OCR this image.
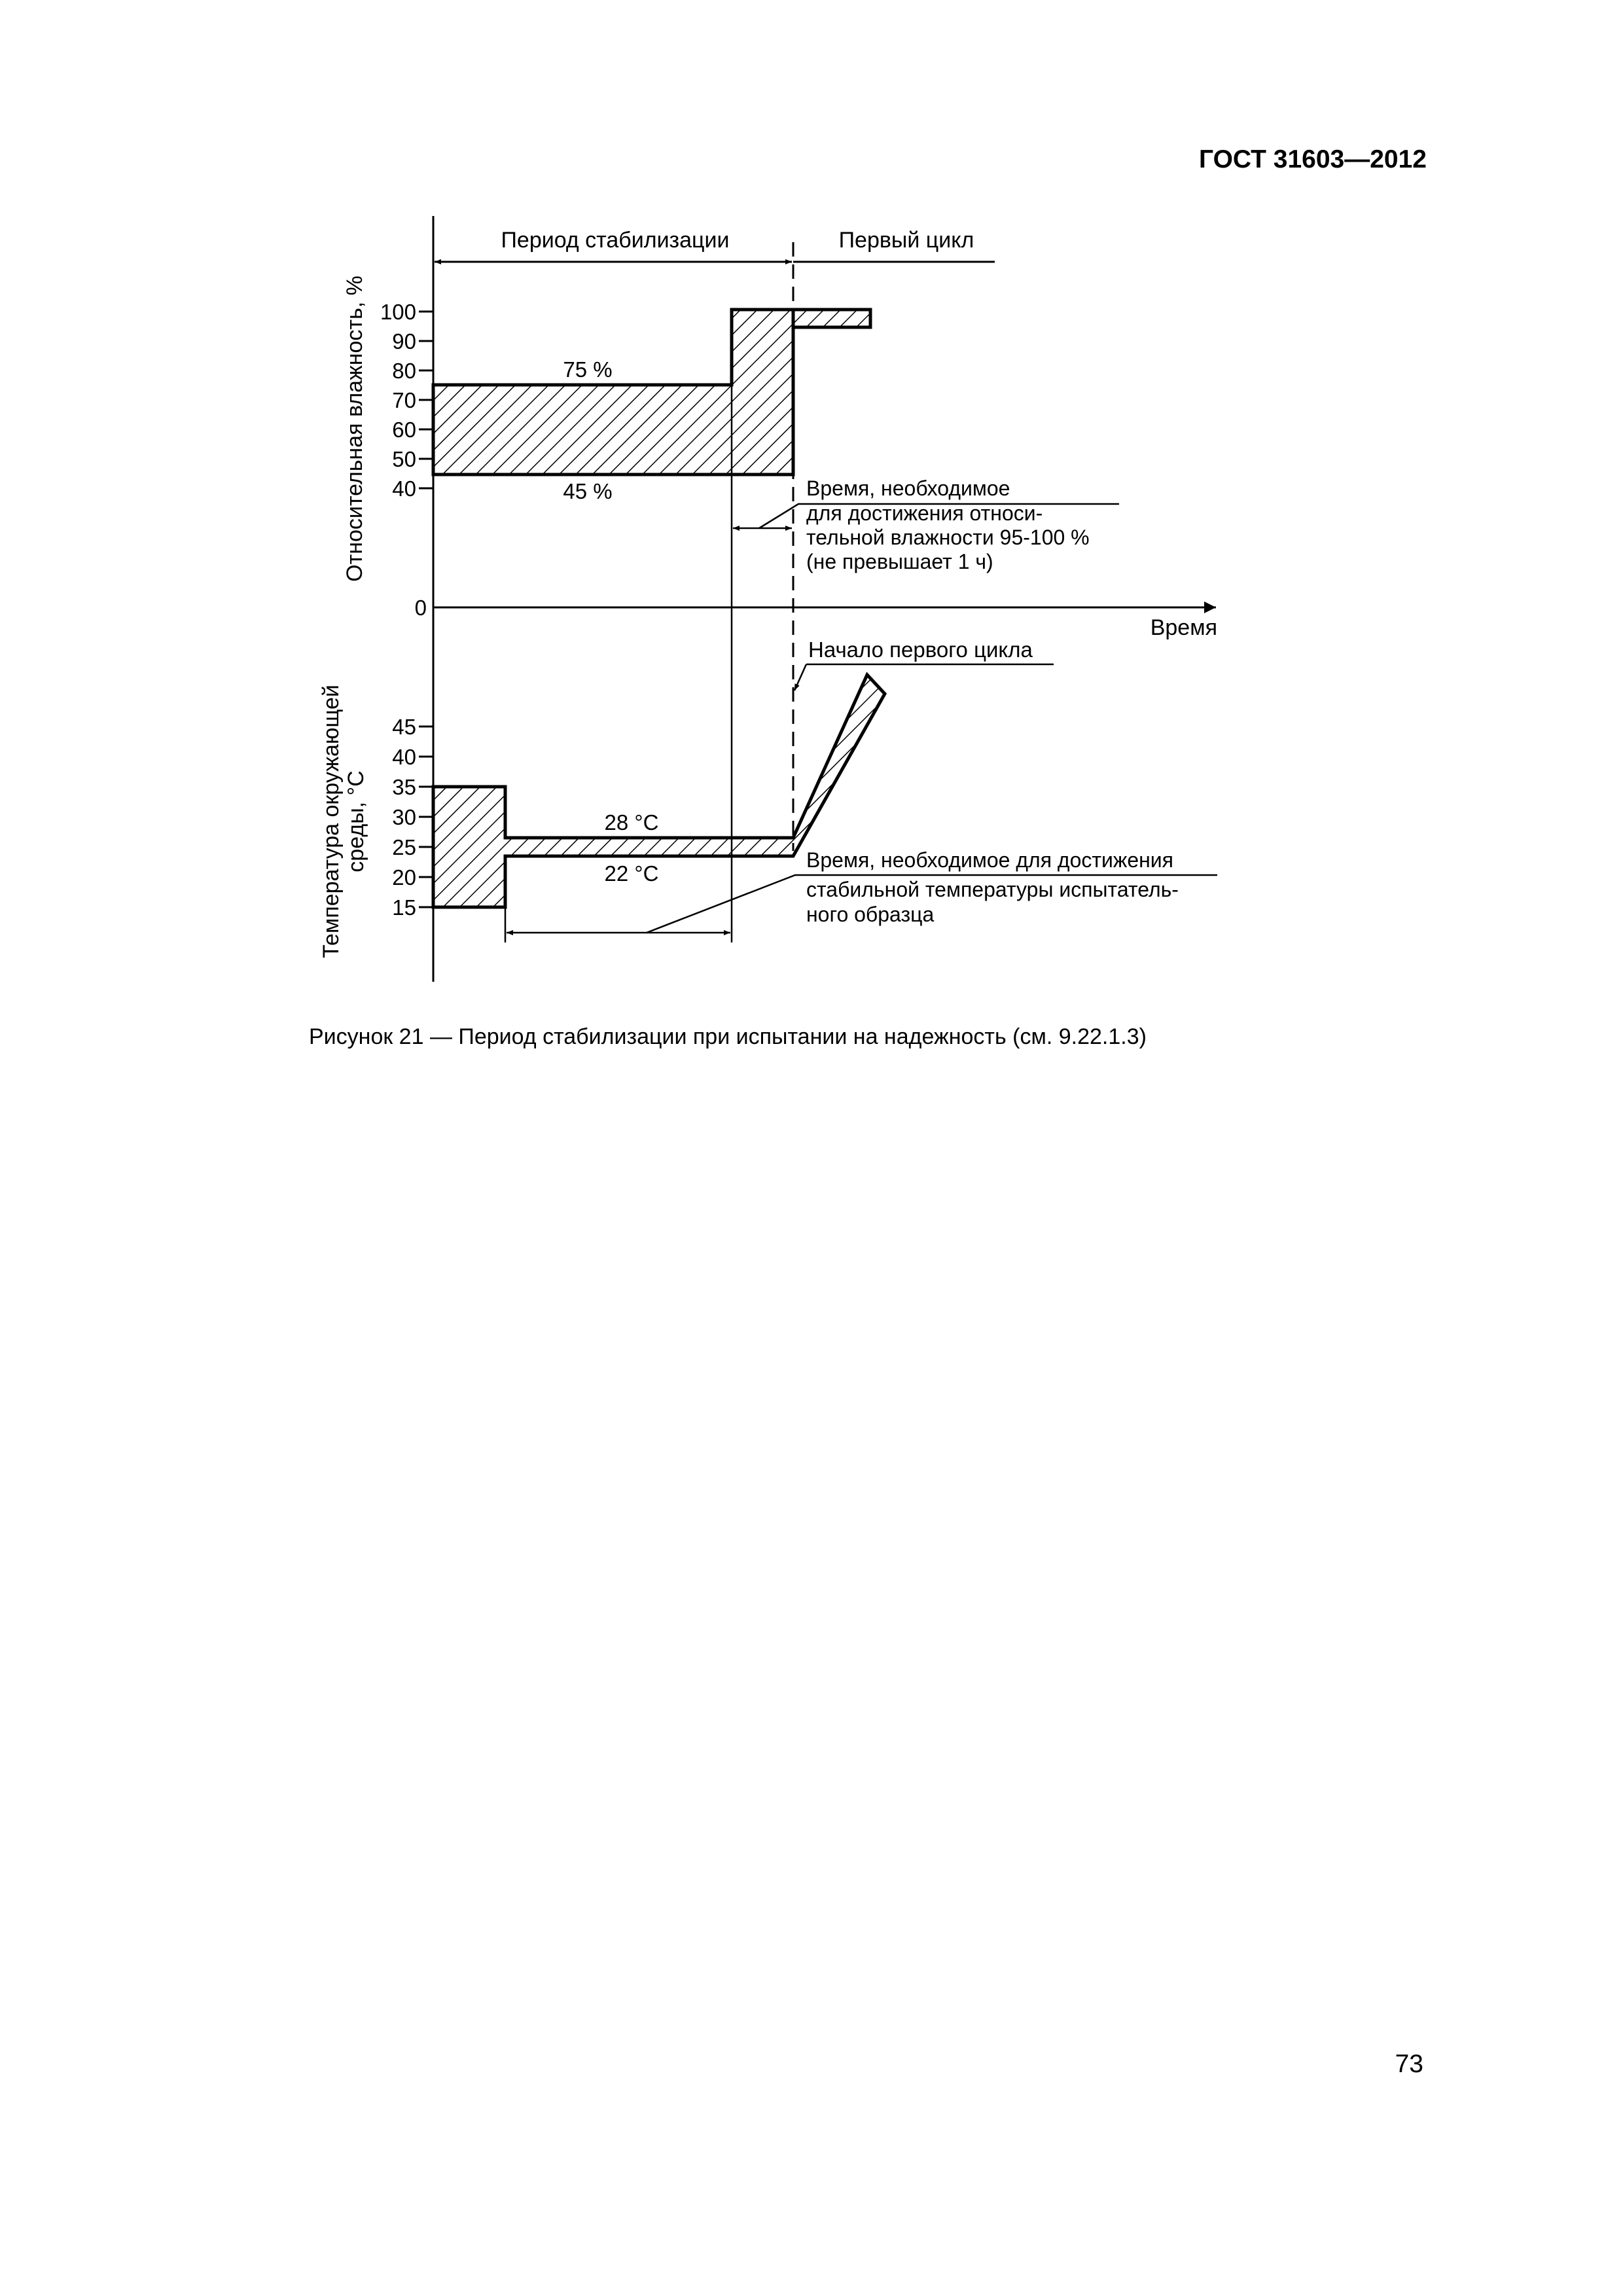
ГОСТ 31603—2012
Период стабилизации	Первый цикл
100
90
80
70
60
50
40
0
Относительная влажность, %	75 %
45 %	Время, необходимое
для достижения относи-
тельной влажности 95-100 %
(не превышает 1 ч)
Время
Начало первого цикла
45
40
35
30
25
20
15
Температура окружающей среды, °С	28 °С
22 °С
Время, необходимое для достижения
стабильной температуры испытатель-
ного образца
Рисунок 21 — Период стабилизации при испытании на надежность (см. 9.22.1.3)
73
